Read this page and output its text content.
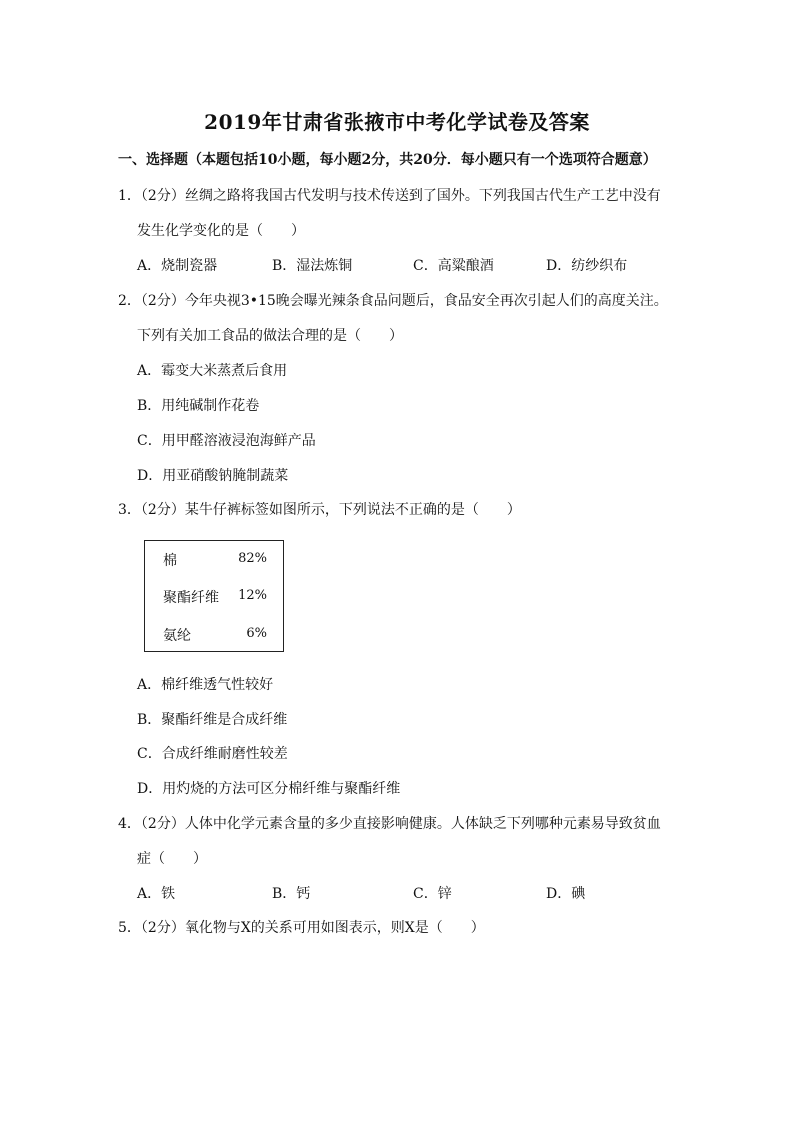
2019年甘肃省张掖市中考化学试卷及答案
一、选择题（本题包括10小题，每小题2分，共20分．每小题只有一个选项符合题意）
1．（2分）丝绸之路将我国古代发明与技术传送到了国外。下列我国古代生产工艺中没有
发生化学变化的是（　　）
A．烧制瓷器	B．湿法炼铜	C．高粱酿酒	D．纺纱织布
2．（2分）今年央视3•15晚会曝光辣条食品问题后，食品安全再次引起人们的高度关注。
下列有关加工食品的做法合理的是（　　）
A．霉变大米蒸煮后食用
B．用纯碱制作花卷
C．用甲醛溶液浸泡海鲜产品
D．用亚硝酸钠腌制蔬菜
3．（2分）某牛仔裤标签如图所示，下列说法不正确的是（　　）
棉	82%
聚酯纤维 12%
氨纶	6%
A．棉纤维透气性较好
B．聚酯纤维是合成纤维
C．合成纤维耐磨性较差
D．用灼烧的方法可区分棉纤维与聚酯纤维
4．（2分）人体中化学元素含量的多少直接影响健康。人体缺乏下列哪种元素易导致贫血
症（　　）
A．铁	B．钙	C．锌	D．碘
5．（2分）氧化物与X的关系可用如图表示，则X是（　　）
